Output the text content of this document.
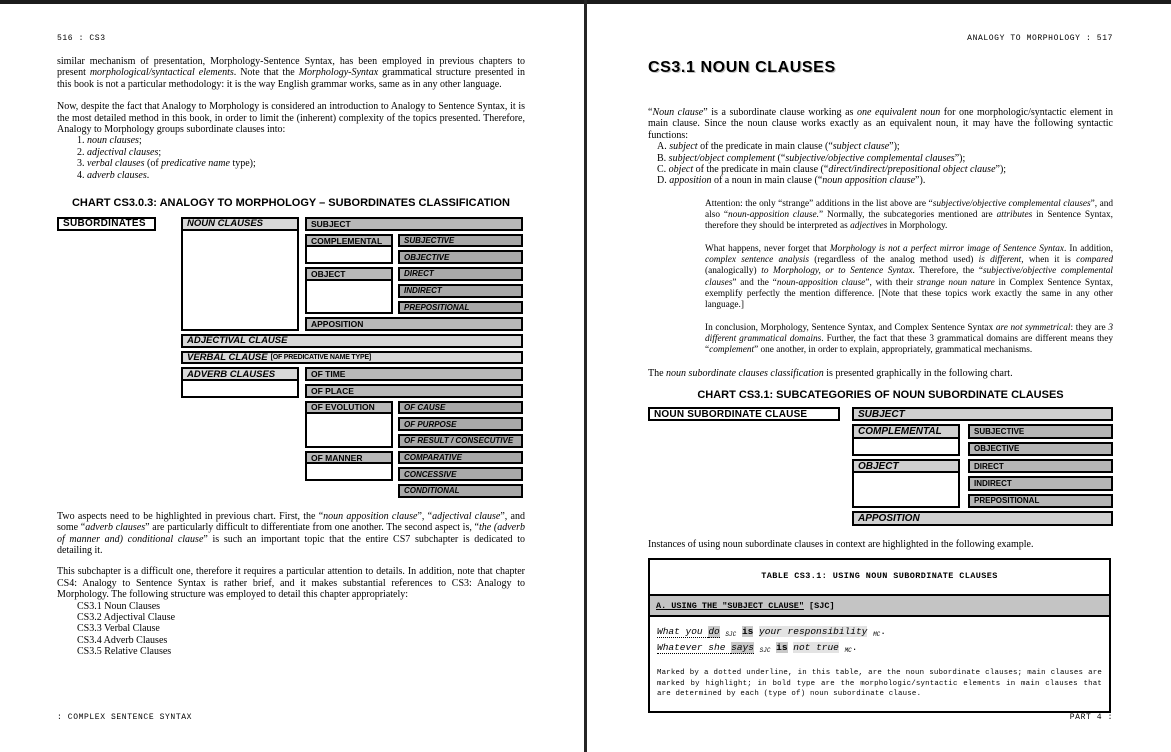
516 : CS3

similar mechanism of presentation, Morphology-Sentence Syntax, has been employed in previous chapters to present morphological/syntactical elements. Note that the Morphology-Syntax grammatical structure presented in this book is not a particular methodology: it is the way English grammar works, same as in any other language.

Now, despite the fact that Analogy to Morphology is considered an introduction to Analogy to Sentence Syntax, it is the most detailed method in this book, in order to limit the (inherent) complexity of the topics presented. Therefore, Analogy to Morphology groups subordinate clauses into:

1. noun clauses;
2. adjectival clauses;
3. verbal clauses (of predicative name type);
4. adverb clauses.

CHART CS3.0.3: ANALOGY TO MORPHOLOGY – SUBORDINATES CLASSIFICATION

SUBORDINATES	NOUN CLAUSES	SUBJECT
COMPLEMENTAL	SUBJECTIVE
OBJECTIVE
OBJECT	DIRECT
INDIRECT
PREPOSITIONAL
APPOSITION
ADJECTIVAL CLAUSE
VERBAL CLAUSE [OF PREDICATIVE NAME TYPE]
ADVERB CLAUSES	OF TIME
OF PLACE
OF EVOLUTION	OF CAUSE
OF PURPOSE
OF RESULT / CONSECUTIVE
OF MANNER	COMPARATIVE
CONCESSIVE
CONDITIONAL

Two aspects need to be highlighted in previous chart. First, the “noun apposition clause”, “adjectival clause”, and some “adverb clauses” are particularly difficult to differentiate from one another. The second aspect is, “the (adverb of manner and) conditional clause” is such an important topic that the entire CS7 subchapter is dedicated to detailing it.

This subchapter is a difficult one, therefore it requires a particular attention to details. In addition, note that chapter CS4: Analogy to Sentence Syntax is rather brief, and it makes substantial references to CS3: Analogy to Morphology. The following structure was employed to detail this chapter appropriately:

CS3.1 Noun Clauses
CS3.2 Adjectival Clause
CS3.3 Verbal Clause
CS3.4 Adverb Clauses
CS3.5 Relative Clauses
: COMPLEX SENTENCE SYNTAX
ANALOGY TO MORPHOLOGY : 517
CS3.1 NOUN CLAUSES

“Noun clause” is a subordinate clause working as one equivalent noun for one morphologic/syntactic element in main clause. Since the noun clause works exactly as an equivalent noun, it may have the following syntactic functions:

A. subject of the predicate in main clause (“subject clause”);
B. subject/object complement (“subjective/objective complemental clauses”);
C. object of the predicate in main clause (“direct/indirect/prepositional object clause”);
D. apposition of a noun in main clause (“noun apposition clause”).

Attention: the only “strange” additions in the list above are “subjective/objective complemental clauses”, and also “noun-apposition clause.” Normally, the subcategories mentioned are attributes in Sentence Syntax, therefore they should be interpreted as adjectives in Morphology.

What happens, never forget that Morphology is not a perfect mirror image of Sentence Syntax. In addition, complex sentence analysis (regardless of the analog method used) is different, when it is compared (analogically) to Morphology, or to Sentence Syntax. Therefore, the “subjective/objective complemental clauses” and the “noun-apposition clause”, with their strange noun nature in Complex Sentence Syntax, exemplify perfectly the mention difference. [Note that these topics work exactly the same in any other language.]

In conclusion, Morphology, Sentence Syntax, and Complex Sentence Syntax are not symmetrical: they are 3 different grammatical domains. Further, the fact that these 3 grammatical domains are different means they “complement” one another, in order to explain, appropriately, grammatical mechanisms.

The noun subordinate clauses classification is presented graphically in the following chart.

CHART CS3.1: SUBCATEGORIES OF NOUN SUBORDINATE CLAUSES

NOUN SUBORDINATE CLAUSE	SUBJECT
COMPLEMENTAL	SUBJECTIVE
OBJECTIVE
OBJECT	DIRECT
INDIRECT
PREPOSITIONAL
APPOSITION

Instances of using noun subordinate clauses in context are highlighted in the following example.

TABLE CS3.1: USING NOUN SUBORDINATE CLAUSES
A. USING THE "SUBJECT CLAUSE" [SJC]
What you do $_{SJC}$ is your responsibility $_{MC}$.
Whatever she says $_{SJC}$ is not true $_{MC}$.
Marked by a dotted underline, in this table, are the noun subordinate clauses; main clauses are marked by highlight; in bold type are the morphologic/syntactic elements in main clauses that are determined by each (type of) noun subordinate clause.
PART 4 :
